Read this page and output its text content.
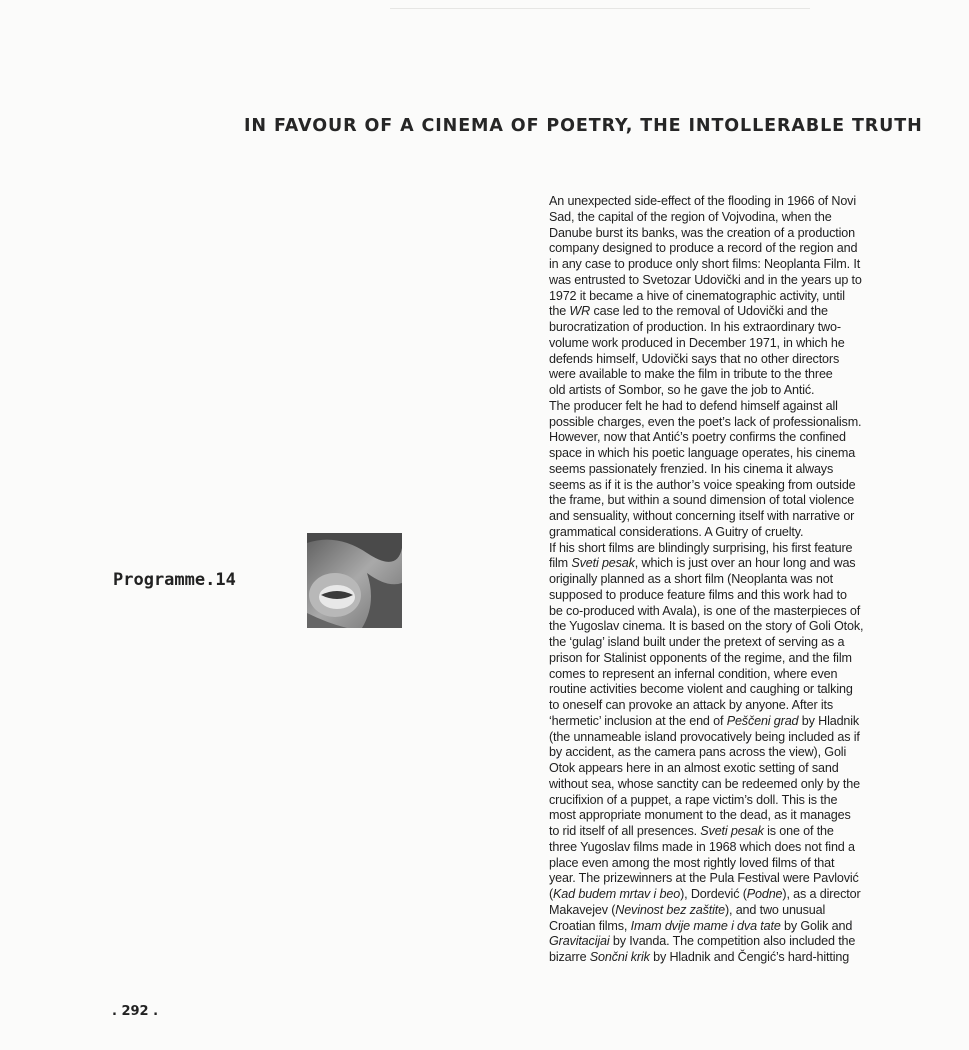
IN FAVOUR OF A CINEMA OF POETRY, THE INTOLLERABLE TRUTH
Programme.14
An unexpected side-effect of the flooding in 1966 of Novi
Sad, the capital of the region of Vojvodina, when the
Danube burst its banks, was the creation of a production
company designed to produce a record of the region and
in any case to produce only short films: Neoplanta Film. It
was entrusted to Svetozar Udovički and in the years up to
1972 it became a hive of cinematographic activity, until
the WR case led to the removal of Udovički and the
burocratization of production. In his extraordinary two-
volume work produced in December 1971, in which he
defends himself, Udovički says that no other directors
were available to make the film in tribute to the three
old artists of Sombor, so he gave the job to Antić.
The producer felt he had to defend himself against all
possible charges, even the poet’s lack of professionalism.
However, now that Antić’s poetry confirms the confined
space in which his poetic language operates, his cinema
seems passionately frenzied. In his cinema it always
seems as if it is the author’s voice speaking from outside
the frame, but within a sound dimension of total violence
and sensuality, without concerning itself with narrative or
grammatical considerations. A Guitry of cruelty.
If his short films are blindingly surprising, his first feature
film Sveti pesak, which is just over an hour long and was
originally planned as a short film (Neoplanta was not
supposed to produce feature films and this work had to
be co-produced with Avala), is one of the masterpieces of
the Yugoslav cinema. It is based on the story of Goli Otok,
the ‘gulag’ island built under the pretext of serving as a
prison for Stalinist opponents of the regime, and the film
comes to represent an infernal condition, where even
routine activities become violent and caughing or talking
to oneself can provoke an attack by anyone. After its
‘hermetic’ inclusion at the end of Peščeni grad by Hladnik
(the unnameable island provocatively being included as if
by accident, as the camera pans across the view), Goli
Otok appears here in an almost exotic setting of sand
without sea, whose sanctity can be redeemed only by the
crucifixion of a puppet, a rape victim’s doll. This is the
most appropriate monument to the dead, as it manages
to rid itself of all presences. Sveti pesak is one of the
three Yugoslav films made in 1968 which does not find a
place even among the most rightly loved films of that
year. The prizewinners at the Pula Festival were Pavlović
(Kad budem mrtav i beo), Dordević (Podne), as a director
Makavejev (Nevinost bez zaštite), and two unusual
Croatian films, Imam dvije mame i dva tate by Golik and
Gravitacijai by Ivanda. The competition also included the
bizarre Sončni krik by Hladnik and Čengić’s hard-hitting
. 292 .
